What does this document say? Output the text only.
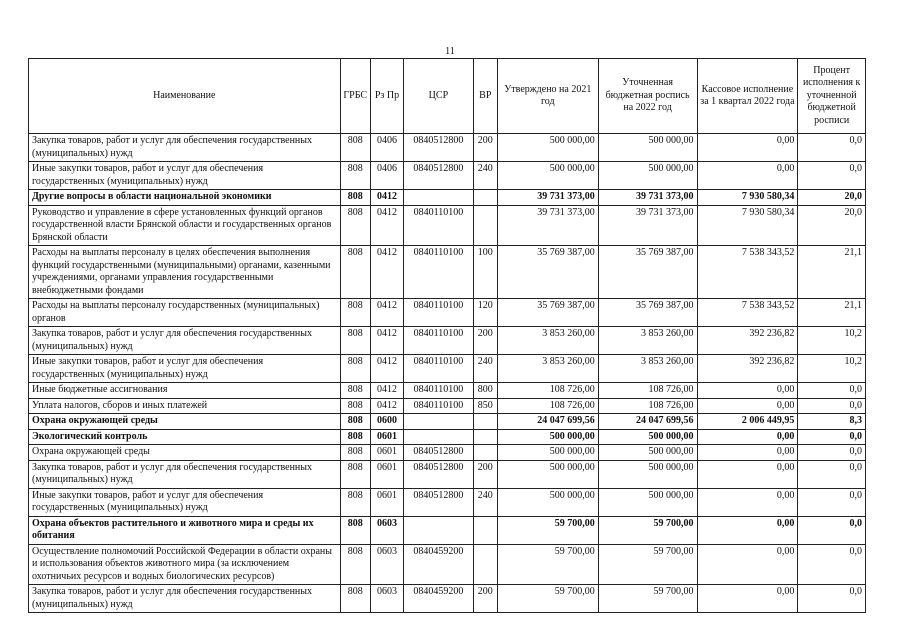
11
Наименование	ГРБС	Рз Пр	ЦСР	ВР	Утверждено на 2021 год	Уточненная бюджетная роспись на 2022 год	Кассовое исполнение за 1 квартал 2022 года	Процент исполнения к уточненной бюджетной росписи
Закупка товаров, работ и услуг для обеспечения государственных (муниципальных) нужд	808	0406	0840512800	200	500 000,00	500 000,00	0,00	0,0
Иные закупки товаров, работ и услуг для обеспечения государственных (муниципальных) нужд	808	0406	0840512800	240	500 000,00	500 000,00	0,00	0,0
Другие вопросы в области национальной экономики	808	0412			39 731 373,00	39 731 373,00	7 930 580,34	20,0
Руководство и управление в сфере установленных функций органов государственной власти Брянской области и государственных органов Брянской области	808	0412	0840110100		39 731 373,00	39 731 373,00	7 930 580,34	20,0
Расходы на выплаты персоналу в целях обеспечения выполнения функций государственными (муниципальными) органами, казенными учреждениями, органами управления государственными внебюджетными фондами	808	0412	0840110100	100	35 769 387,00	35 769 387,00	7 538 343,52	21,1
Расходы на выплаты персоналу государственных (муниципальных) органов	808	0412	0840110100	120	35 769 387,00	35 769 387,00	7 538 343,52	21,1
Закупка товаров, работ и услуг для обеспечения государственных (муниципальных) нужд	808	0412	0840110100	200	3 853 260,00	3 853 260,00	392 236,82	10,2
Иные закупки товаров, работ и услуг для обеспечения государственных (муниципальных) нужд	808	0412	0840110100	240	3 853 260,00	3 853 260,00	392 236,82	10,2
Иные бюджетные ассигнования	808	0412	0840110100	800	108 726,00	108 726,00	0,00	0,0
Уплата налогов, сборов и иных платежей	808	0412	0840110100	850	108 726,00	108 726,00	0,00	0,0
Охрана окружающей среды	808	0600			24 047 699,56	24 047 699,56	2 006 449,95	8,3
Экологический контроль	808	0601			500 000,00	500 000,00	0,00	0,0
Охрана окружающей среды	808	0601	0840512800		500 000,00	500 000,00	0,00	0,0
Закупка товаров, работ и услуг для обеспечения государственных (муниципальных) нужд	808	0601	0840512800	200	500 000,00	500 000,00	0,00	0,0
Иные закупки товаров, работ и услуг для обеспечения государственных (муниципальных) нужд	808	0601	0840512800	240	500 000,00	500 000,00	0,00	0,0
Охрана объектов растительного и животного мира и среды их обитания	808	0603			59 700,00	59 700,00	0,00	0,0
Осуществление полномочий Российской Федерации в области охраны и использования объектов животного мира (за исключением охотничьих ресурсов и водных биологических ресурсов)	808	0603	0840459200		59 700,00	59 700,00	0,00	0,0
Закупка товаров, работ и услуг для обеспечения государственных (муниципальных) нужд	808	0603	0840459200	200	59 700,00	59 700,00	0,00	0,0
